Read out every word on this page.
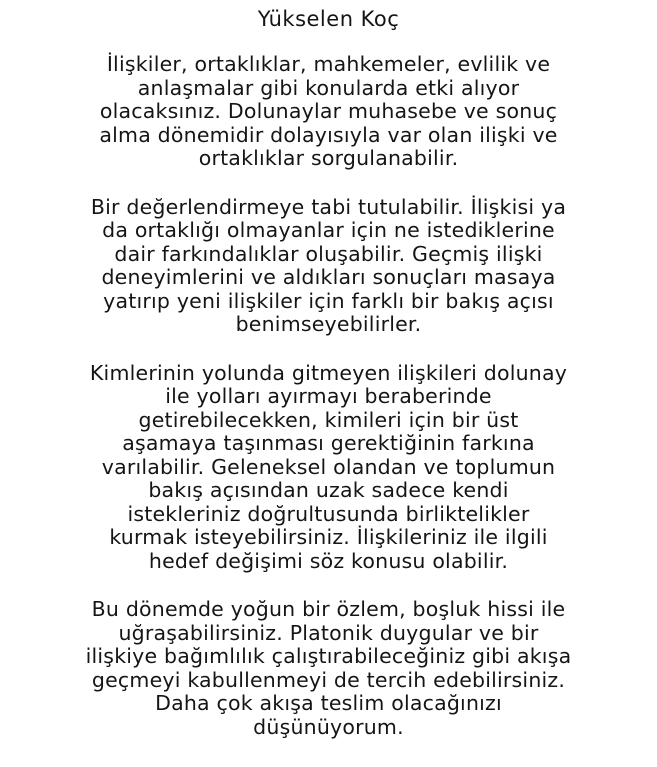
Yükselen Koç

İlişkiler, ortaklıklar, mahkemeler, evlilik ve
anlaşmalar gibi konularda etki alıyor
olacaksınız. Dolunaylar muhasebe ve sonuç
alma dönemidir dolayısıyla var olan ilişki ve
ortaklıklar sorgulanabilir.

Bir değerlendirmeye tabi tutulabilir. İlişkisi ya
da ortaklığı olmayanlar için ne istediklerine
dair farkındalıklar oluşabilir. Geçmiş ilişki
deneyimlerini ve aldıkları sonuçları masaya
yatırıp yeni ilişkiler için farklı bir bakış açısı
benimseyebilirler.

Kimlerinin yolunda gitmeyen ilişkileri dolunay
ile yolları ayırmayı beraberinde
getirebilecekken, kimileri için bir üst
aşamaya taşınması gerektiğinin farkına
varılabilir. Geleneksel olandan ve toplumun
bakış açısından uzak sadece kendi
istekleriniz doğrultusunda birliktelikler
kurmak isteyebilirsiniz. İlişkileriniz ile ilgili
hedef değişimi söz konusu olabilir.

Bu dönemde yoğun bir özlem, boşluk hissi ile
uğraşabilirsiniz. Platonik duygular ve bir
ilişkiye bağımlılık çalıştırabileceğiniz gibi akışa
geçmeyi kabullenmeyi de tercih edebilirsiniz.
Daha çok akışa teslim olacağınızı
düşünüyorum.
